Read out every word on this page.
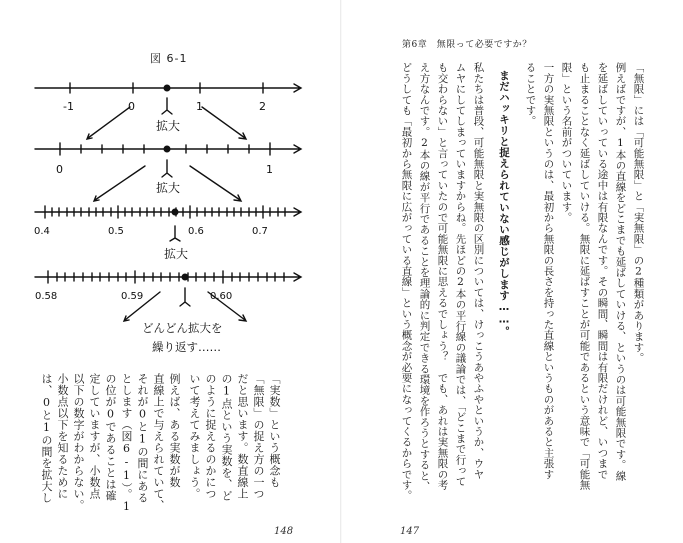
図 6-1
-1	0	1	2
拡大
0	1
拡大
0.4	0.5	0.6	0.7
拡大
0.58	0.59	0.60
どんどん拡大を
繰り返す……
「実数」という概念も
「無限」の捉え方の一つ
だと思います。数直線上
の1点という実数を、ど
のように捉えるのかにつ
いて考えてみましょう。
例えば、ある実数が数
直線上で与えられていて、
それが0と1の間にある
とします（図6-1）。1
の位が0であることは確
定していますが、小数点
以下の数字がわからない。
小数点以下を知るために
は、0と1の間を拡大し
148
第6章　無限って必要ですか？
「無限」には「可能無限」と「実無限」の2種類があります。
例えばですが、1本の直線をどこまでも延ばしていける、というのは可能無限です。線
を延ばしていっている途中は有限なんです。その瞬間、瞬間は有限だけれど、いつまで
も止まることなく延ばしていける。無限に延ばすことが可能であるという意味で「可能無
限」という名前がついています。
一方の実無限というのは、最初から無限の長さを持った直線というものがあると主張す
ることです。
まだハッキリと捉えられていない感じがします……。
私たちは普段、可能無限と実無限の区別については、けっこうあやふやというか、ウヤ
ムヤにしてしまっていますからね。先ほどの2本の平行線の議論では、「どこまで行って
も交わらない」と言っていたので可能無限に思えるでしょう？　でも、あれは実無限の考
え方なんです。2本の線が平行であることを理論的に判定できる環境を作ろうとすると、
どうしても「最初から無限に広がっている直線」という概念が必要になってくるからです。
147
